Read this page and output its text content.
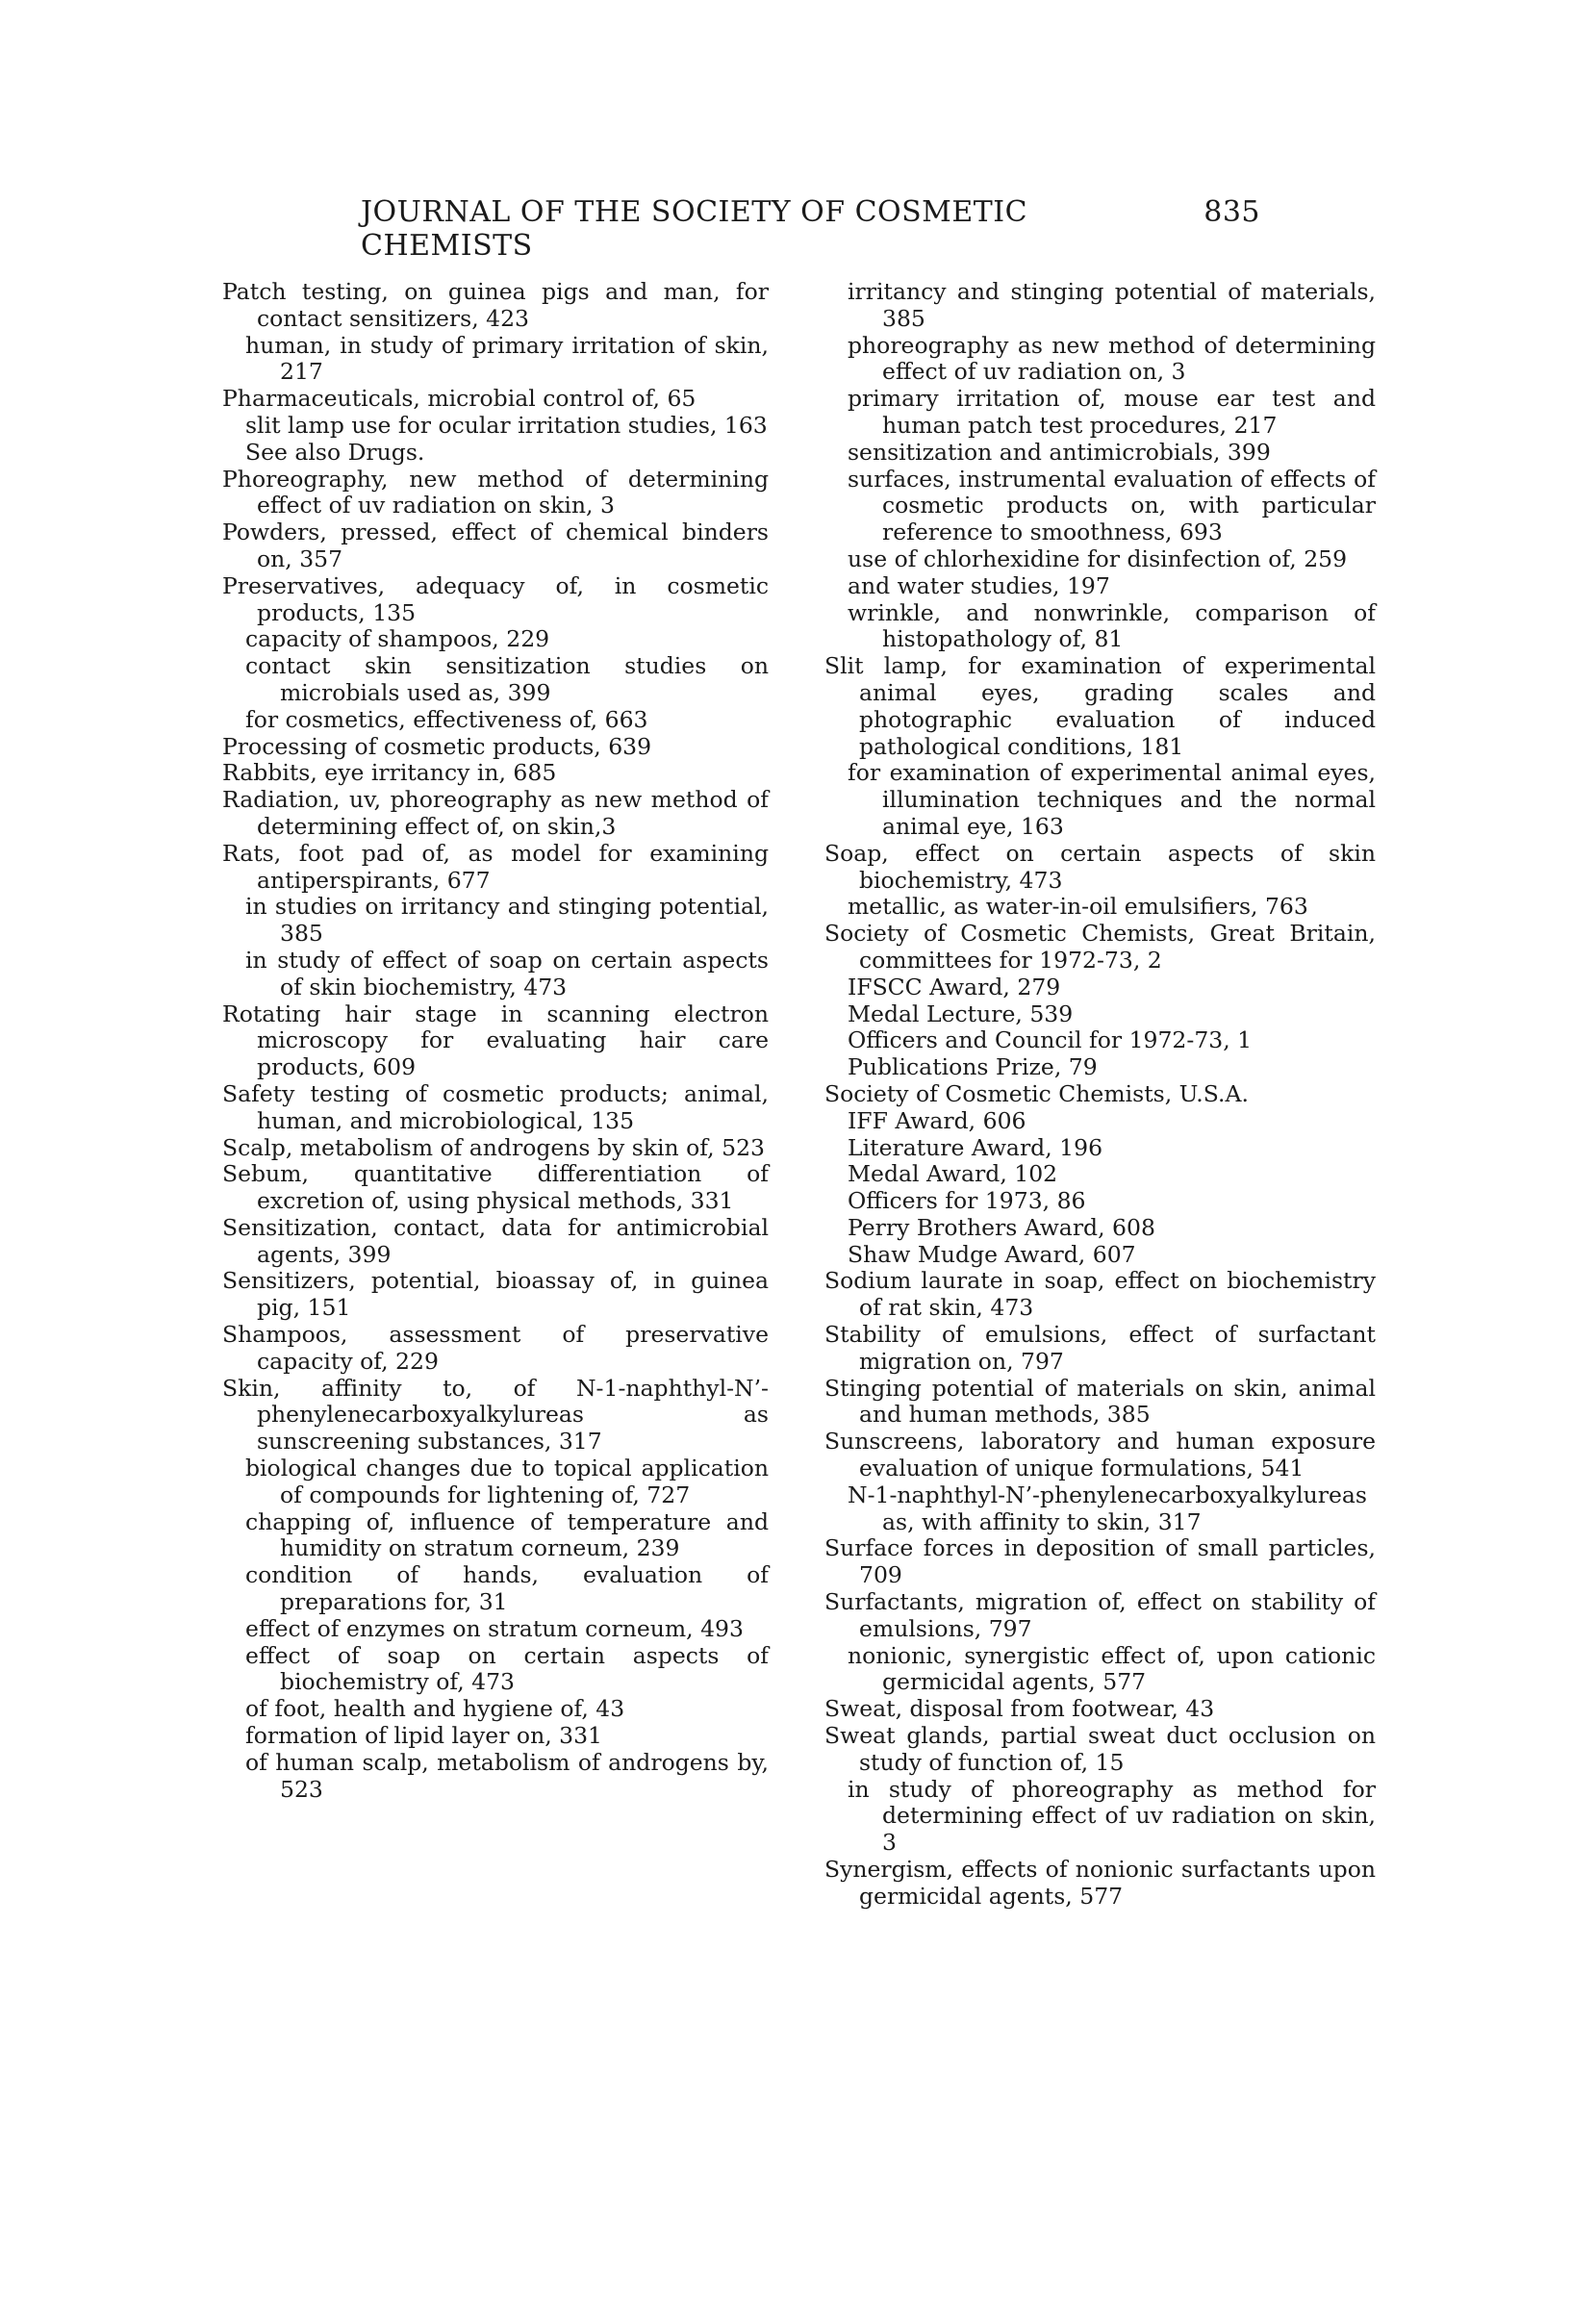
JOURNAL OF THE SOCIETY OF COSMETIC CHEMISTS
835
Patch testing, on guinea pigs and man, for contact sensitizers, 423
human, in study of primary irritation of skin, 217
Pharmaceuticals, microbial control of, 65
slit lamp use for ocular irritation studies, 163
See also Drugs.
Phoreography, new method of determining effect of uv radiation on skin, 3
Powders, pressed, effect of chemical binders on, 357
Preservatives, adequacy of, in cosmetic products, 135
capacity of shampoos, 229
contact skin sensitization studies on microbials used as, 399
for cosmetics, effectiveness of, 663
Processing of cosmetic products, 639
Rabbits, eye irritancy in, 685
Radiation, uv, phoreography as new method of determining effect of, on skin,3
Rats, foot pad of, as model for examining antiperspirants, 677
in studies on irritancy and stinging potential, 385
in study of effect of soap on certain aspects of skin biochemistry, 473
Rotating hair stage in scanning electron microscopy for evaluating hair care products, 609
Safety testing of cosmetic products; animal, human, and microbiological, 135
Scalp, metabolism of androgens by skin of, 523
Sebum, quantitative differentiation of excretion of, using physical methods, 331
Sensitization, contact, data for antimicrobial agents, 399
Sensitizers, potential, bioassay of, in guinea pig, 151
Shampoos, assessment of preservative capacity of, 229
Skin, affinity to, of N-1-naphthyl-N’-phenylenecarboxyalkylureas as sunscreening substances, 317
biological changes due to topical application of compounds for lightening of, 727
chapping of, influence of temperature and humidity on stratum corneum, 239
condition of hands, evaluation of preparations for, 31
effect of enzymes on stratum corneum, 493
effect of soap on certain aspects of biochemistry of, 473
of foot, health and hygiene of, 43
formation of lipid layer on, 331
of human scalp, metabolism of androgens by, 523
irritancy and stinging potential of materials, 385
phoreography as new method of determining effect of uv radiation on, 3
primary irritation of, mouse ear test and human patch test procedures, 217
sensitization and antimicrobials, 399
surfaces, instrumental evaluation of effects of cosmetic products on, with particular reference to smoothness, 693
use of chlorhexidine for disinfection of, 259
and water studies, 197
wrinkle, and nonwrinkle, comparison of histopathology of, 81
Slit lamp, for examination of experimental animal eyes, grading scales and photographic evaluation of induced pathological conditions, 181
for examination of experimental animal eyes, illumination techniques and the normal animal eye, 163
Soap, effect on certain aspects of skin biochemistry, 473
metallic, as water-in-oil emulsifiers, 763
Society of Cosmetic Chemists, Great Britain, committees for 1972-73, 2
IFSCC Award, 279
Medal Lecture, 539
Officers and Council for 1972-73, 1
Publications Prize, 79
Society of Cosmetic Chemists, U.S.A.
IFF Award, 606
Literature Award, 196
Medal Award, 102
Officers for 1973, 86
Perry Brothers Award, 608
Shaw Mudge Award, 607
Sodium laurate in soap, effect on biochemistry of rat skin, 473
Stability of emulsions, effect of surfactant migration on, 797
Stinging potential of materials on skin, animal and human methods, 385
Sunscreens, laboratory and human exposure evaluation of unique formulations, 541
N-1-naphthyl-N’-phenylenecarboxyalkylureas as, with affinity to skin, 317
Surface forces in deposition of small particles, 709
Surfactants, migration of, effect on stability of emulsions, 797
nonionic, synergistic effect of, upon cationic germicidal agents, 577
Sweat, disposal from footwear, 43
Sweat glands, partial sweat duct occlusion on study of function of, 15
in study of phoreography as method for determining effect of uv radiation on skin, 3
Synergism, effects of nonionic surfactants upon germicidal agents, 577
